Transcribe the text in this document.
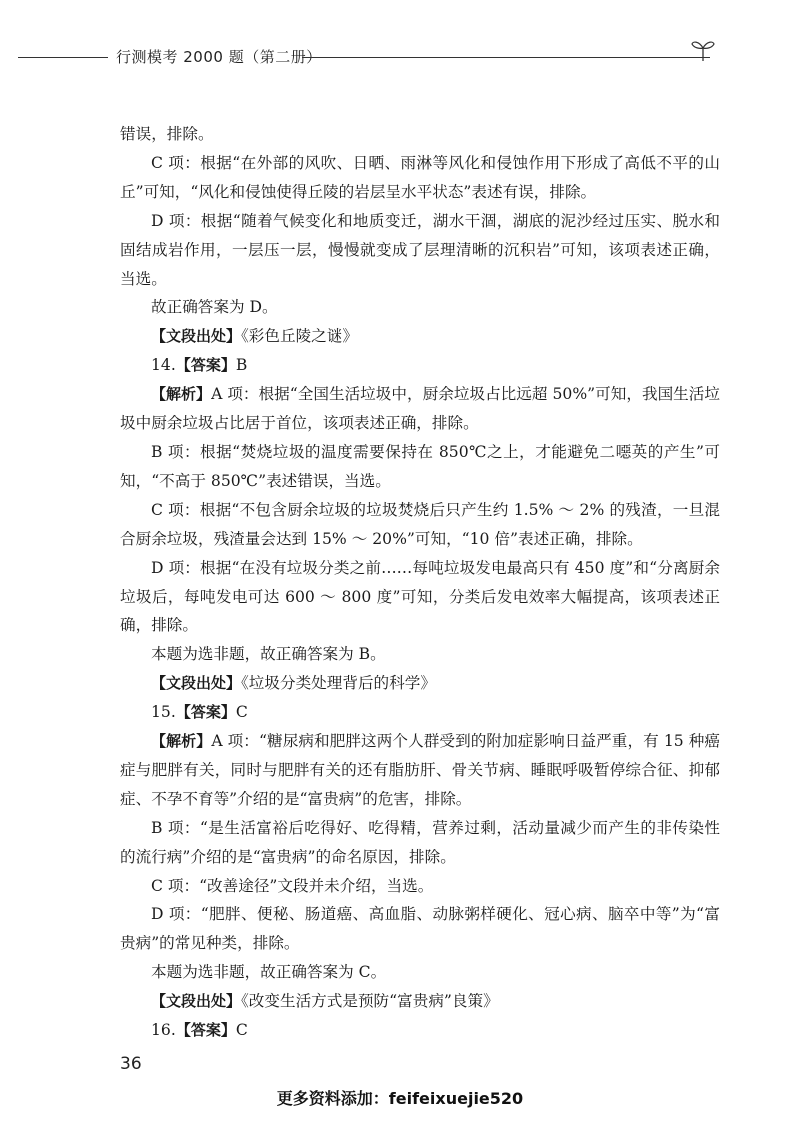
行测模考 2000 题（第二册）

错误，排除。

C 项：根据“在外部的风吹、日晒、雨淋等风化和侵蚀作用下形成了高低不平的山丘”可知，“风化和侵蚀使得丘陵的岩层呈水平状态”表述有误，排除。

D 项：根据“随着气候变化和地质变迁，湖水干涸，湖底的泥沙经过压实、脱水和固结成岩作用，一层压一层，慢慢就变成了层理清晰的沉积岩”可知，该项表述正确，当选。

故正确答案为 D。

【文段出处】《彩色丘陵之谜》

14.【答案】B

【解析】A 项：根据“全国生活垃圾中，厨余垃圾占比远超 50%”可知，我国生活垃圾中厨余垃圾占比居于首位，该项表述正确，排除。

B 项：根据“焚烧垃圾的温度需要保持在 850℃之上，才能避免二噁英的产生”可知，“不高于 850℃”表述错误，当选。

C 项：根据“不包含厨余垃圾的垃圾焚烧后只产生约 1.5% ～ 2% 的残渣，一旦混合厨余垃圾，残渣量会达到 15% ～ 20%”可知，“10 倍”表述正确，排除。

D 项：根据“在没有垃圾分类之前……每吨垃圾发电最高只有 450 度”和“分离厨余垃圾后，每吨发电可达 600 ～ 800 度”可知，分类后发电效率大幅提高，该项表述正确，排除。

本题为选非题，故正确答案为 B。

【文段出处】《垃圾分类处理背后的科学》

15.【答案】C

【解析】A 项：“糖尿病和肥胖这两个人群受到的附加症影响日益严重，有 15 种癌症与肥胖有关，同时与肥胖有关的还有脂肪肝、骨关节病、睡眠呼吸暂停综合征、抑郁症、不孕不育等”介绍的是“富贵病”的危害，排除。

B 项：“是生活富裕后吃得好、吃得精，营养过剩，活动量减少而产生的非传染性的流行病”介绍的是“富贵病”的命名原因，排除。

C 项：“改善途径”文段并未介绍，当选。

D 项：“肥胖、便秘、肠道癌、高血脂、动脉粥样硬化、冠心病、脑卒中等”为“富贵病”的常见种类，排除。

本题为选非题，故正确答案为 C。

【文段出处】《改变生活方式是预防“富贵病”良策》

16.【答案】C

36
更多资料添加：feifeixuejie520
